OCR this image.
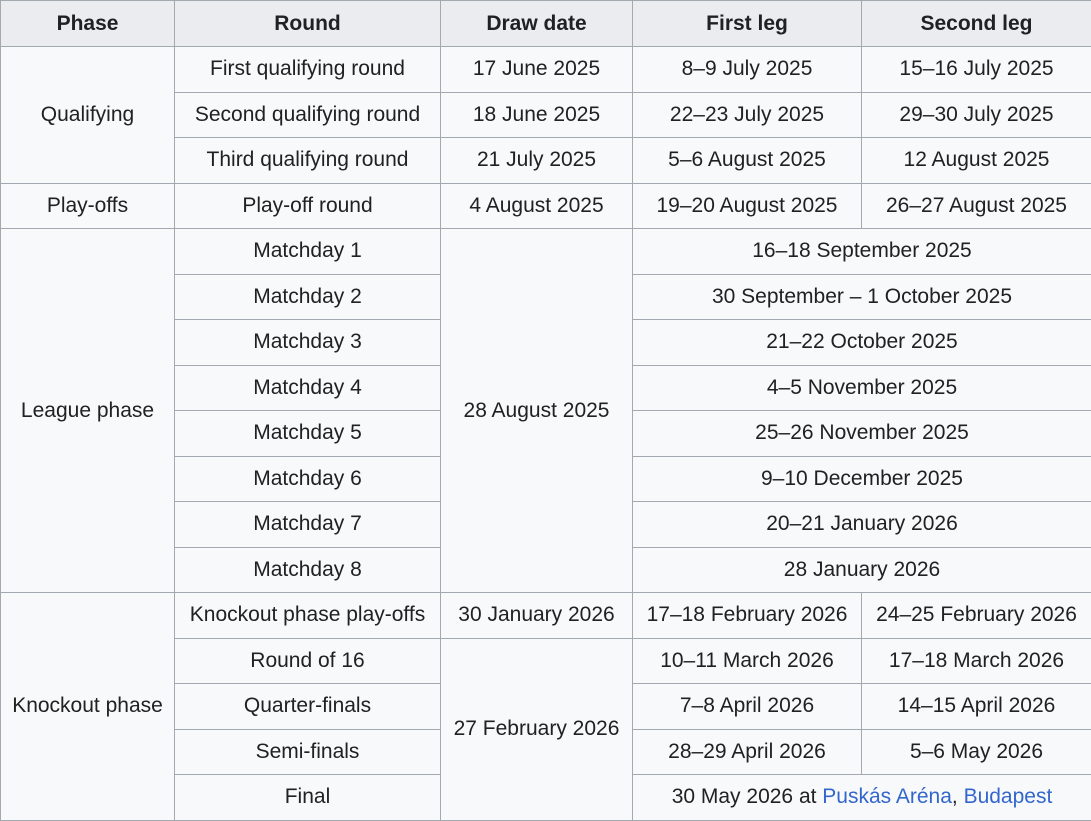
Phase	Round	Draw date	First leg	Second leg
Qualifying	First qualifying round	17 June 2025	8–9 July 2025	15–16 July 2025
	Second qualifying round	18 June 2025	22–23 July 2025	29–30 July 2025
	Third qualifying round	21 July 2025	5–6 August 2025	12 August 2025
Play-offs	Play-off round	4 August 2025	19–20 August 2025	26–27 August 2025
League phase	Matchday 1	28 August 2025	16–18 September 2025	
	Matchday 2		30 September – 1 October 2025	
	Matchday 3		21–22 October 2025	
	Matchday 4		4–5 November 2025	
	Matchday 5		25–26 November 2025	
	Matchday 6		9–10 December 2025	
	Matchday 7		20–21 January 2026	
	Matchday 8		28 January 2026	
Knockout phase	Knockout phase play-offs	30 January 2026	17–18 February 2026	24–25 February 2026
	Round of 16	27 February 2026	10–11 March 2026	17–18 March 2026
	Quarter-finals		7–8 April 2026	14–15 April 2026
	Semi-finals		28–29 April 2026	5–6 May 2026
	Final		30 May 2026 at Puskás Aréna, Budapest	
